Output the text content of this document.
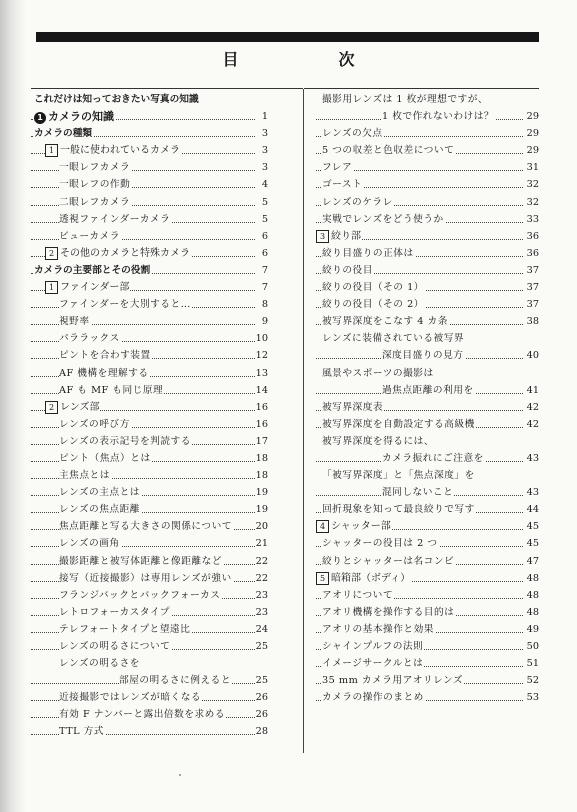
目　次
これだけは知っておきたい写真の知識
1 カメラの知識	1
カメラの種類	3
1 一般に使われているカメラ	3
一眼レフカメラ	3
一眼レフの作動	4
二眼レフカメラ	5
透視ファインダーカメラ	5
ビューカメラ	6
2 その他のカメラと特殊カメラ	6
カメラの主要部とその役割	7
1 ファインダー部	7
ファインダーを大別すると…	8
視野率	9
パララックス	10
ピントを合わす装置	12
AF 機構を理解する	13
AF も MF も同じ原理	14
2 レンズ部	16
レンズの呼び方	16
レンズの表示記号を判読する	17
ピント（焦点）とは	18
主焦点とは	18
レンズの主点とは	19
レンズの焦点距離	19
焦点距離と写る大きさの関係について 20
レンズの画角	21
撮影距離と被写体距離と像距離など	22
接写（近接撮影）は専用レンズが強い 22
フランジバックとバックフォーカス	23
レトロフォーカスタイプ	23
テレフォートタイプと望遠比	24
レンズの明るさについて	25
レンズの明るさを
部屋の明るさに例えると	25
近接撮影ではレンズが暗くなる	26
有効 F ナンバーと露出倍数を求める	26
TTL 方式	28
撮影用レンズは 1 枚が理想ですが、
1 枚で作れないわけは？	29
レンズの欠点	29
5 つの収差と色収差について	29
フレア	31
ゴースト	32
レンズのケラレ	32
実戦でレンズをどう使うか	33
3 絞り部	36
絞り目盛りの正体は	36
絞りの役目	37
絞りの役目（その 1）	37
絞りの役目（その 2）	37
被写界深度をこなす 4 カ条	38
レンズに装備されている被写界
深度目盛りの見方	40
風景やスポーツの撮影は
過焦点距離の利用を	41
被写界深度表	42
被写界深度を自動設定する高級機	42
被写界深度を得るには、
カメラ振れにご注意を	43
「被写界深度」と「焦点深度」を
混同しないこと	43
回折現象を知って最良絞りで写す	44
4 シャッター部	45
シャッターの役目は 2 つ	45
絞りとシャッターは名コンビ	47
5 暗箱部（ボディ）	48
アオリについて	48
アオリ機構を操作する目的は	48
アオリの基本操作と効果	49
シャインプルフの法則	50
イメージサークルとは	51
35 mm カメラ用アオリレンズ	52
カメラの操作のまとめ	53
